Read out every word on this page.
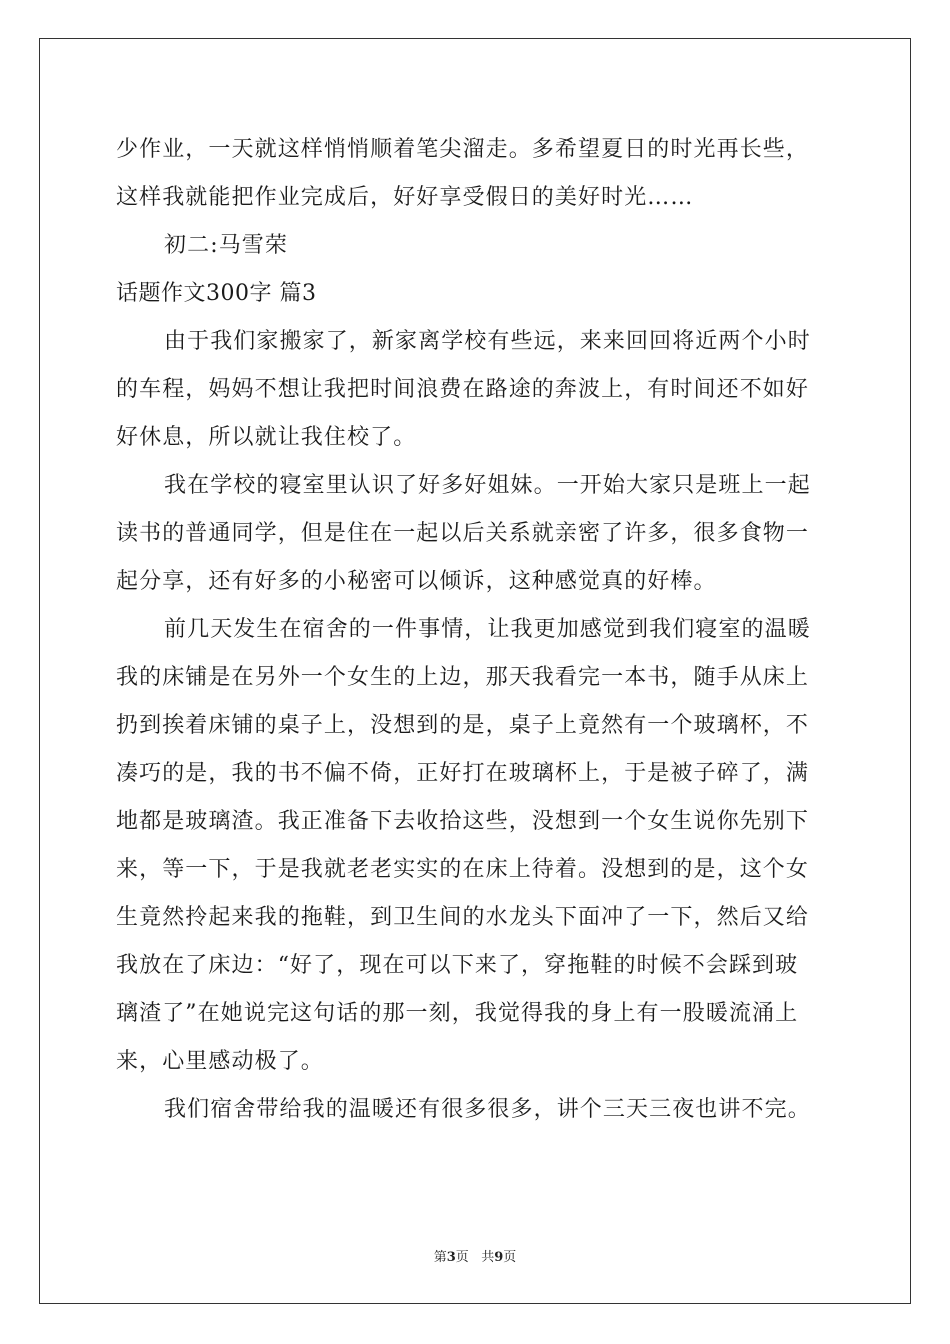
少作业，一天就这样悄悄顺着笔尖溜走。多希望夏日的时光再长些，

这样我就能把作业完成后，好好享受假日的美好时光……

初二:马雪荣

话题作文300字 篇3

由于我们家搬家了，新家离学校有些远，来来回回将近两个小时

的车程，妈妈不想让我把时间浪费在路途的奔波上，有时间还不如好

好休息，所以就让我住校了。

我在学校的寝室里认识了好多好姐妹。一开始大家只是班上一起

读书的普通同学，但是住在一起以后关系就亲密了许多，很多食物一

起分享，还有好多的小秘密可以倾诉，这种感觉真的好棒。

前几天发生在宿舍的一件事情，让我更加感觉到我们寝室的温暖

我的床铺是在另外一个女生的上边，那天我看完一本书，随手从床上

扔到挨着床铺的桌子上，没想到的是，桌子上竟然有一个玻璃杯，不

凑巧的是，我的书不偏不倚，正好打在玻璃杯上，于是被子碎了，满

地都是玻璃渣。我正准备下去收拾这些，没想到一个女生说你先别下

来，等一下，于是我就老老实实的在床上待着。没想到的是，这个女

生竟然拎起来我的拖鞋，到卫生间的水龙头下面冲了一下，然后又给

我放在了床边：“好了，现在可以下来了，穿拖鞋的时候不会踩到玻

璃渣了”在她说完这句话的那一刻，我觉得我的身上有一股暖流涌上

来，心里感动极了。

我们宿舍带给我的温暖还有很多很多，讲个三天三夜也讲不完。

第3页 共9页
